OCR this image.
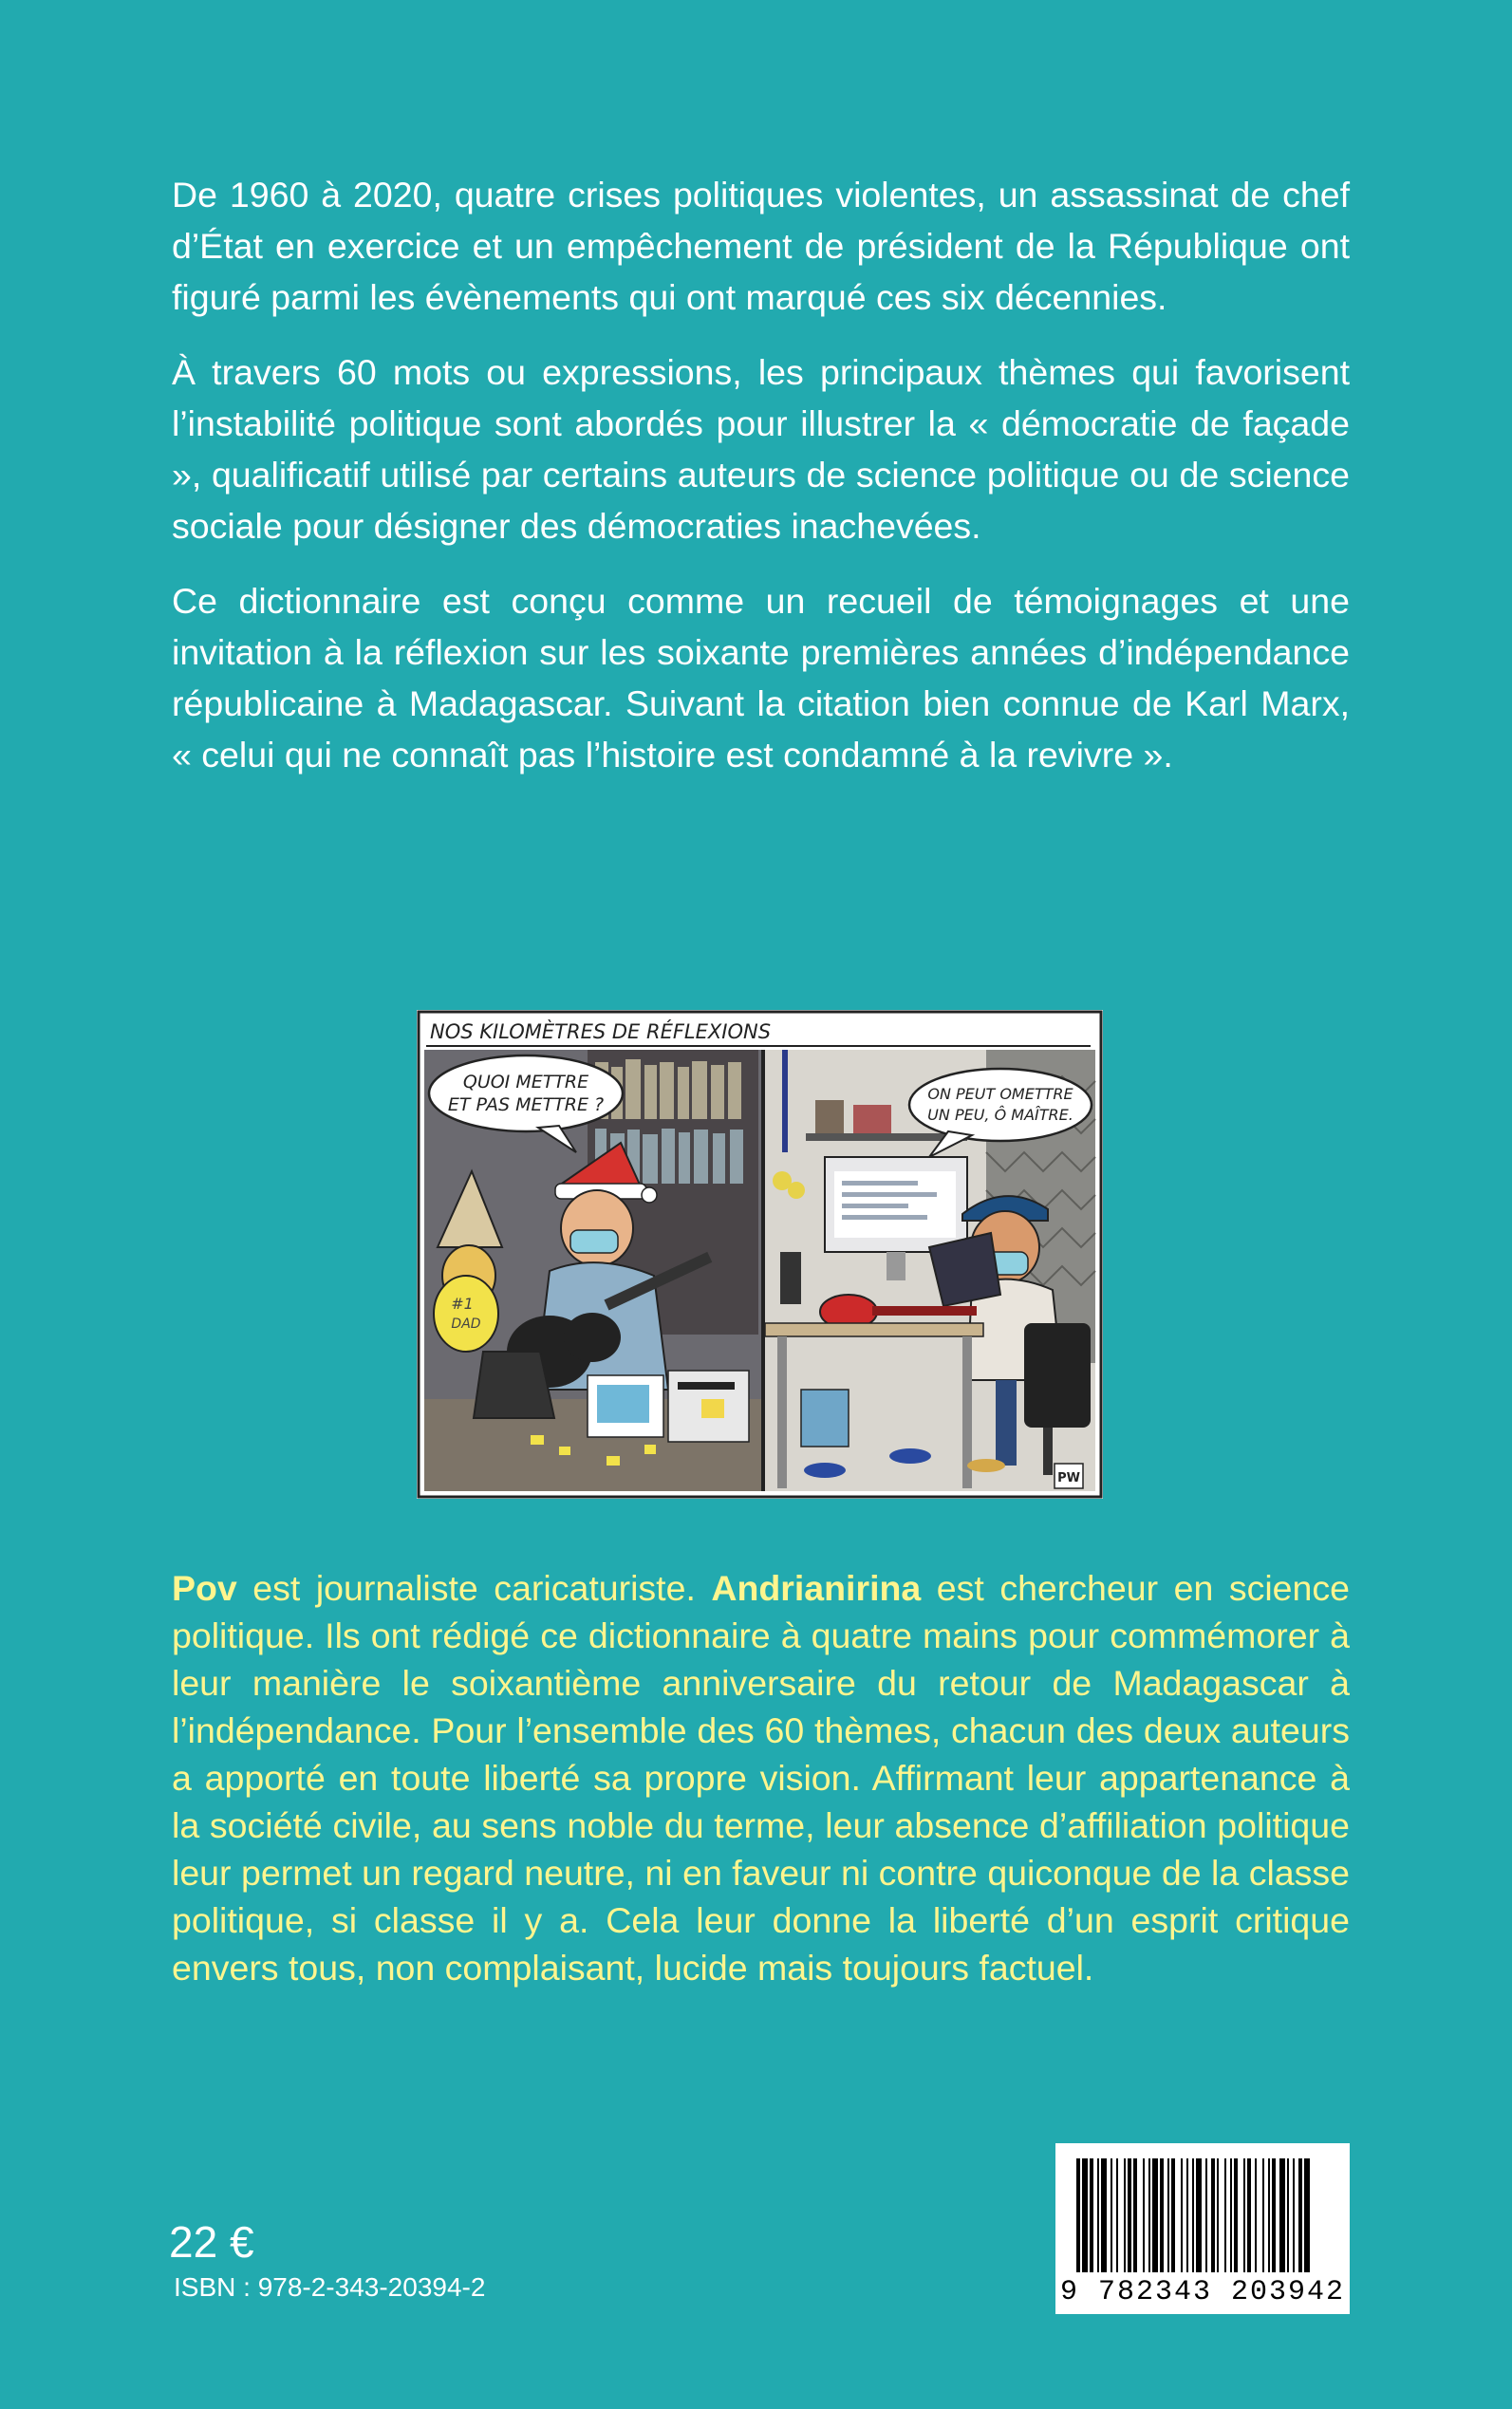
De 1960 à 2020, quatre crises politiques violentes, un assassinat de chef d’État en exercice et un empêchement de président de la République ont figuré parmi les évènements qui ont marqué ces six décennies.

À travers 60 mots ou expressions, les principaux thèmes qui favorisent l’instabilité politique sont abordés pour illustrer la « démocratie de façade », qualificatif utilisé par certains auteurs de science politique ou de science sociale pour désigner des démocraties inachevées.

Ce dictionnaire est conçu comme un recueil de témoignages et une invitation à la réflexion sur les soixante premières années d’indépendance républicaine à Madagascar. Suivant la citation bien connue de Karl Marx, « celui qui ne connaît pas l’histoire est condamné à la revivre ».

NOS KILOMÈTRES DE RÉFLEXIONS
QUOI METTRE
ET PAS METTRE ?
#1
DAD
ON PEUT OMETTRE
UN PEU, Ô MAÎTRE.
PW

Pov est journaliste caricaturiste. Andrianirina est chercheur en science politique. Ils ont rédigé ce dictionnaire à quatre mains pour commémorer à leur manière le soixantième anniversaire du retour de Madagascar à l’indépendance. Pour l’ensemble des 60 thèmes, chacun des deux auteurs a apporté en toute liberté sa propre vision. Affirmant leur appartenance à la société civile, au sens noble du terme, leur absence d’affiliation politique leur permet un regard neutre, ni en faveur ni contre quiconque de la classe politique, si classe il y a. Cela leur donne la liberté d’un esprit critique envers tous, non complaisant, lucide mais toujours factuel.

22 €
ISBN : 978-2-343-20394-2	9 782343 203942
